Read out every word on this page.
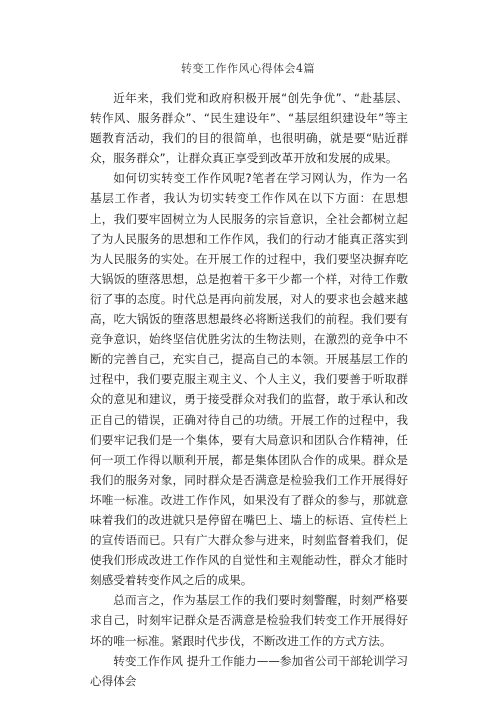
转变工作作风心得体会4篇

近年来，我们党和政府积极开展“创先争优”、“赴基层、转作风、服务群众”、“民生建设年”、“基层组织建设年”等主题教育活动，我们的目的很简单，也很明确，就是要“贴近群众，服务群众”，让群众真正享受到改革开放和发展的成果。

如何切实转变工作作风呢?笔者在学习网认为，作为一名基层工作者，我认为切实转变工作作风在以下方面：在思想上，我们要牢固树立为人民服务的宗旨意识，全社会都树立起了为人民服务的思想和工作作风，我们的行动才能真正落实到为人民服务的实处。在开展工作的过程中，我们要坚决摒弃吃大锅饭的堕落思想，总是抱着干多干少都一个样，对待工作敷衍了事的态度。时代总是再向前发展，对人的要求也会越来越高，吃大锅饭的堕落思想最终必将断送我们的前程。我们要有竞争意识，始终坚信优胜劣汰的生物法则，在激烈的竞争中不断的完善自己，充实自己，提高自己的本领。开展基层工作的过程中，我们要克服主观主义、个人主义，我们要善于听取群众的意见和建议，勇于接受群众对我们的监督，敢于承认和改正自己的错误，正确对待自己的功绩。开展工作的过程中，我们要牢记我们是一个集体，要有大局意识和团队合作精神，任何一项工作得以顺利开展，都是集体团队合作的成果。群众是我们的服务对象，同时群众是否满意是检验我们工作开展得好坏唯一标准。改进工作作风，如果没有了群众的参与，那就意味着我们的改进就只是停留在嘴巴上、墙上的标语、宣传栏上的宣传语而已。只有广大群众参与进来，时刻监督着我们，促使我们形成改进工作作风的自觉性和主观能动性，群众才能时刻感受着转变作风之后的成果。

总而言之，作为基层工作的我们要时刻警醒，时刻严格要求自己，时刻牢记群众是否满意是检验我们转变工作开展得好坏的唯一标准。紧跟时代步伐，不断改进工作的方式方法。

转变工作作风 提升工作能力——参加省公司干部轮训学习心得体会
